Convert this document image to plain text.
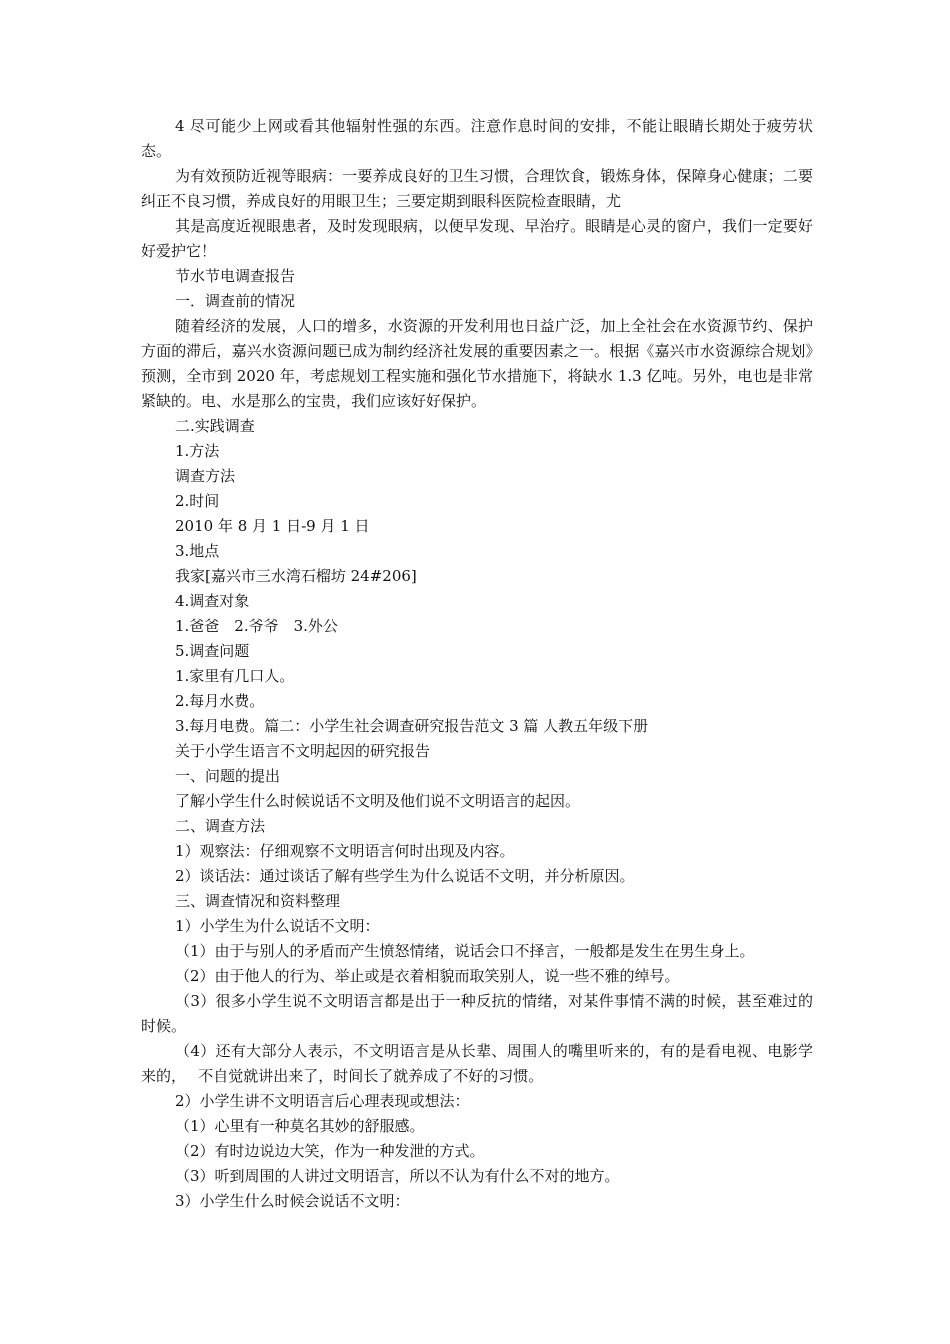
4 尽可能少上网或看其他辐射性强的东西。注意作息时间的安排，不能让眼睛长期处于疲劳状态。

为有效预防近视等眼病：一要养成良好的卫生习惯，合理饮食，锻炼身体，保障身心健康；二要纠正不良习惯，养成良好的用眼卫生；三要定期到眼科医院检查眼睛，尤

其是高度近视眼患者，及时发现眼病，以便早发现、早治疗。眼睛是心灵的窗户，我们一定要好好爱护它！

节水节电调查报告

一．调查前的情况

随着经济的发展，人口的增多，水资源的开发利用也日益广泛，加上全社会在水资源节约、保护方面的滞后，嘉兴水资源问题已成为制约经济社发展的重要因素之一。根据《嘉兴市水资源综合规划》预测，全市到 2020 年，考虑规划工程实施和强化节水措施下，将缺水 1.3 亿吨。另外，电也是非常紧缺的。电、水是那么的宝贵，我们应该好好保护。

二.实践调查

1.方法

调查方法

2.时间

2010 年 8 月 1 日-9 月 1 日

3.地点

我家[嘉兴市三水湾石榴坊 24#206]

4.调查对象

1.爸爸　2.爷爷　3.外公

5.调查问题

1.家里有几口人。

2.每月水费。

3.每月电费。篇二：小学生社会调查研究报告范文 3 篇 人教五年级下册

关于小学生语言不文明起因的研究报告

一、问题的提出

了解小学生什么时候说话不文明及他们说不文明语言的起因。

二、调查方法

1）观察法：仔细观察不文明语言何时出现及内容。

2）谈话法：通过谈话了解有些学生为什么说话不文明，并分析原因。

三、调查情况和资料整理

1）小学生为什么说话不文明：

（1）由于与别人的矛盾而产生愤怒情绪，说话会口不择言，一般都是发生在男生身上。

（2）由于他人的行为、举止或是衣着相貌而取笑别人，说一些不雅的绰号。

（3）很多小学生说不文明语言都是出于一种反抗的情绪，对某件事情不满的时候，甚至难过的时候。

（4）还有大部分人表示，不文明语言是从长辈、周围人的嘴里听来的，有的是看电视、电影学来的，　 不自觉就讲出来了，时间长了就养成了不好的习惯。

2）小学生讲不文明语言后心理表现或想法：

（1）心里有一种莫名其妙的舒服感。

（2）有时边说边大笑，作为一种发泄的方式。

（3）听到周围的人讲过文明语言，所以不认为有什么不对的地方。

3）小学生什么时候会说话不文明：
